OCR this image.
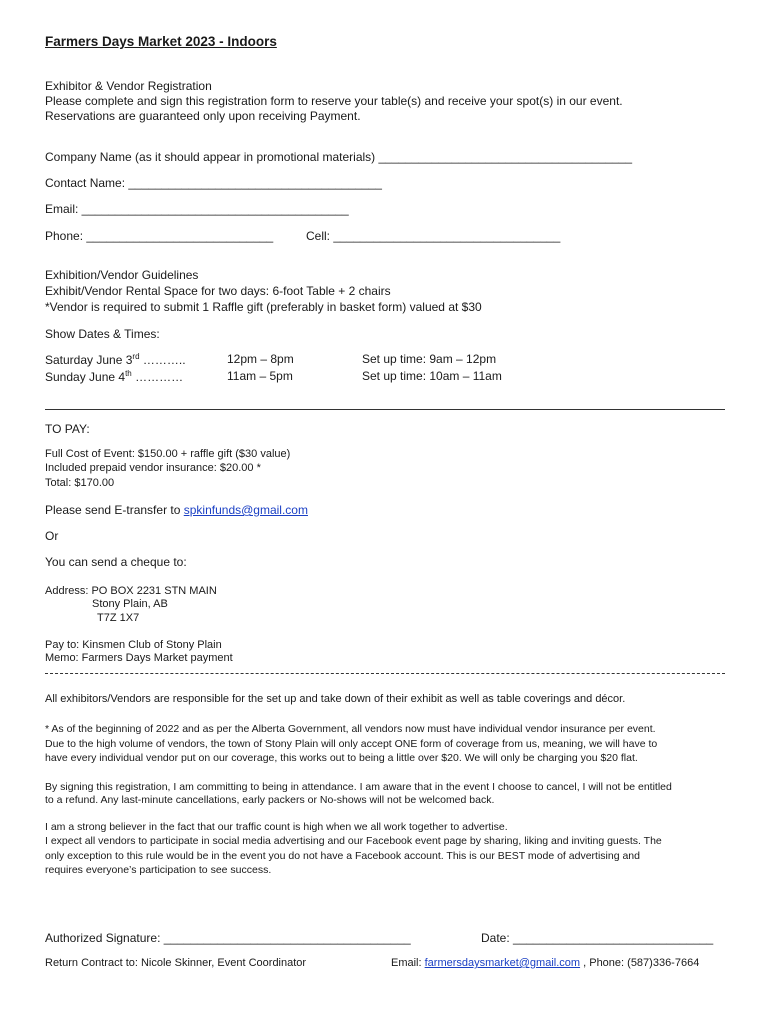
Farmers Days Market 2023 - Indoors
Exhibitor & Vendor Registration
Please complete and sign this registration form to reserve your table(s) and receive your spot(s) in our event.
Reservations are guaranteed only upon receiving Payment.
Company Name (as it should appear in promotional materials) ______________________________________
Contact Name: ______________________________________
Email: ________________________________________
Phone: ____________________________	Cell: __________________________________
Exhibition/Vendor Guidelines
Exhibit/Vendor Rental Space for two days: 6-foot Table + 2 chairs
*Vendor is required to submit 1 Raffle gift (preferably in basket form) valued at $30
Show Dates & Times:
Saturday June 3rd ………..	12pm – 8pm	Set up time: 9am – 12pm
Sunday June 4th …………	11am – 5pm	Set up time: 10am – 11am
TO PAY:
Full Cost of Event: $150.00 + raffle gift ($30 value)
Included prepaid vendor insurance: $20.00 *
Total: $170.00
Please send E-transfer to spkinfunds@gmail.com
Or
You can send a cheque to:
Address: PO BOX 2231 STN MAIN
Stony Plain, AB
T7Z 1X7
Pay to: Kinsmen Club of Stony Plain
Memo: Farmers Days Market payment
All exhibitors/Vendors are responsible for the set up and take down of their exhibit as well as table coverings and décor.
* As of the beginning of 2022 and as per the Alberta Government, all vendors now must have individual vendor insurance per event.
Due to the high volume of vendors, the town of Stony Plain will only accept ONE form of coverage from us, meaning, we will have to
have every individual vendor put on our coverage, this works out to being a little over $20. We will only be charging you $20 flat.
By signing this registration, I am committing to being in attendance. I am aware that in the event I choose to cancel, I will not be entitled
to a refund. Any last-minute cancellations, early packers or No-shows will not be welcomed back.
I am a strong believer in the fact that our traffic count is high when we all work together to advertise.
I expect all vendors to participate in social media advertising and our Facebook event page by sharing, liking and inviting guests. The
only exception to this rule would be in the event you do not have a Facebook account. This is our BEST mode of advertising and
requires everyone’s participation to see success.
Authorized Signature: _____________________________________	Date: ______________________________
Return Contract to: Nicole Skinner, Event Coordinator	Email: farmersdaysmarket@gmail.com , Phone: (587)336-7664
